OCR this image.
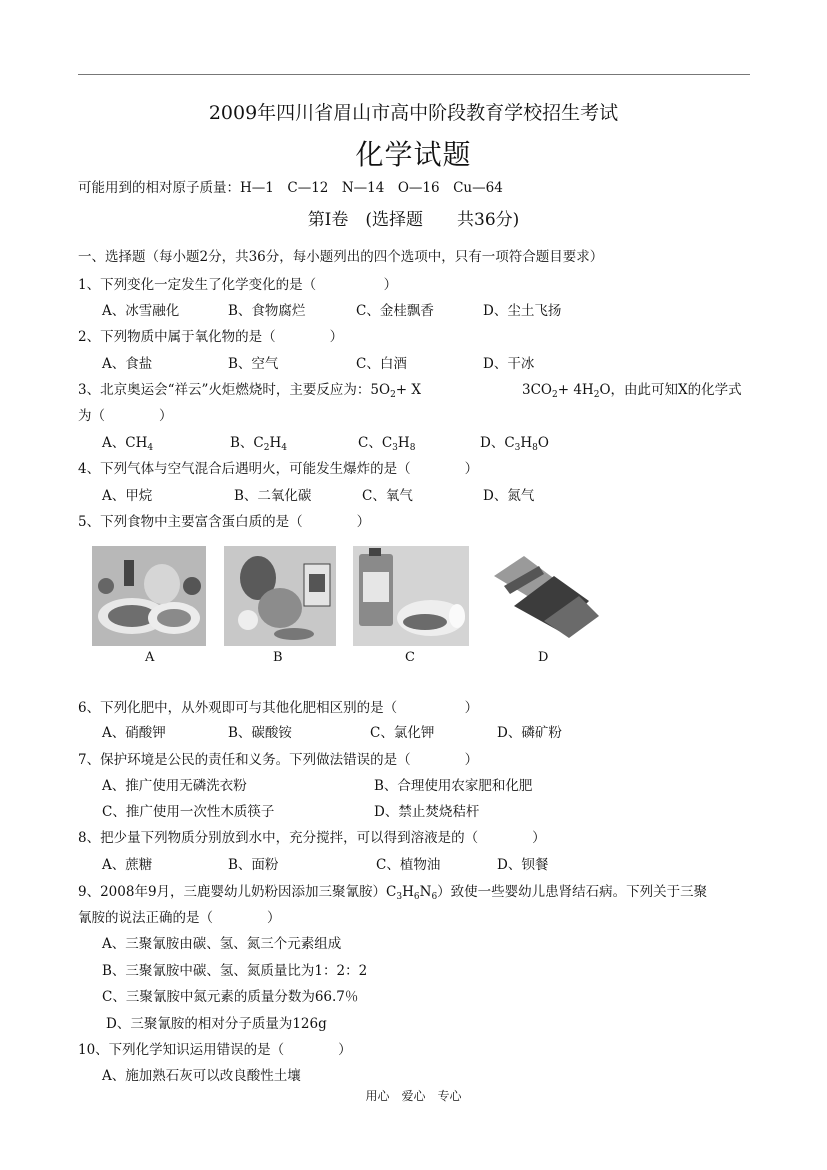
2009年四川省眉山市高中阶段教育学校招生考试
化学试题
可能用到的相对原子质量：H—1　C—12　N—14　O—16　Cu—64
第Ⅰ卷　(选择题　　共36分)
一、选择题（每小题2分，共36分，每小题列出的四个选项中，只有一项符合题目要求）
1、下列变化一定发生了化学变化的是（　　　　　）
A、冰雪融化	B、食物腐烂	C、金桂飘香	D、尘土飞扬
2、下列物质中属于氧化物的是（　　　　）
A、食盐	B、空气	C、白酒	D、干冰
3、北京奥运会“祥云”火炬燃烧时，主要反应为：$5O_2+ X$	$3CO_2+ 4H_2O$，由此可知X的化学式
为（　　　　）
A、$CH_4$	B、$C_2H_4$	C、$C_3H_8$	D、$C_3H_8O$
4、下列气体与空气混合后遇明火，可能发生爆炸的是（　　　　）
A、甲烷	B、二氧化碳	C、氧气	D、氮气
5、下列食物中主要富含蛋白质的是（　　　　）
A	B	C	D
6、下列化肥中，从外观即可与其他化肥相区别的是（　　　　　）
A、硝酸钾	B、碳酸铵	C、氯化钾	D、磷矿粉
7、保护环境是公民的责任和义务。下列做法错误的是（　　　　）
A、推广使用无磷洗衣粉	B、合理使用农家肥和化肥
C、推广使用一次性木质筷子	D、禁止焚烧秸杆
8、把少量下列物质分别放到水中，充分搅拌，可以得到溶液是的（　　　　）
A、蔗糖	B、面粉	C、植物油	D、钡餐
9、2008年9月，三鹿婴幼儿奶粉因添加三聚氰胺）$C_3H_6N_6$）致使一些婴幼儿患肾结石病。下列关于三聚
氰胺的说法正确的是（　　　　）
A、三聚氰胺由碳、氢、氮三个元素组成
B、三聚氰胺中碳、氢、氮质量比为1：2：2
C、三聚氰胺中氮元素的质量分数为66.7％
D、三聚氰胺的相对分子质量为126g
10、下列化学知识运用错误的是（　　　　）
A、施加熟石灰可以改良酸性土壤
用心　爱心　专心
